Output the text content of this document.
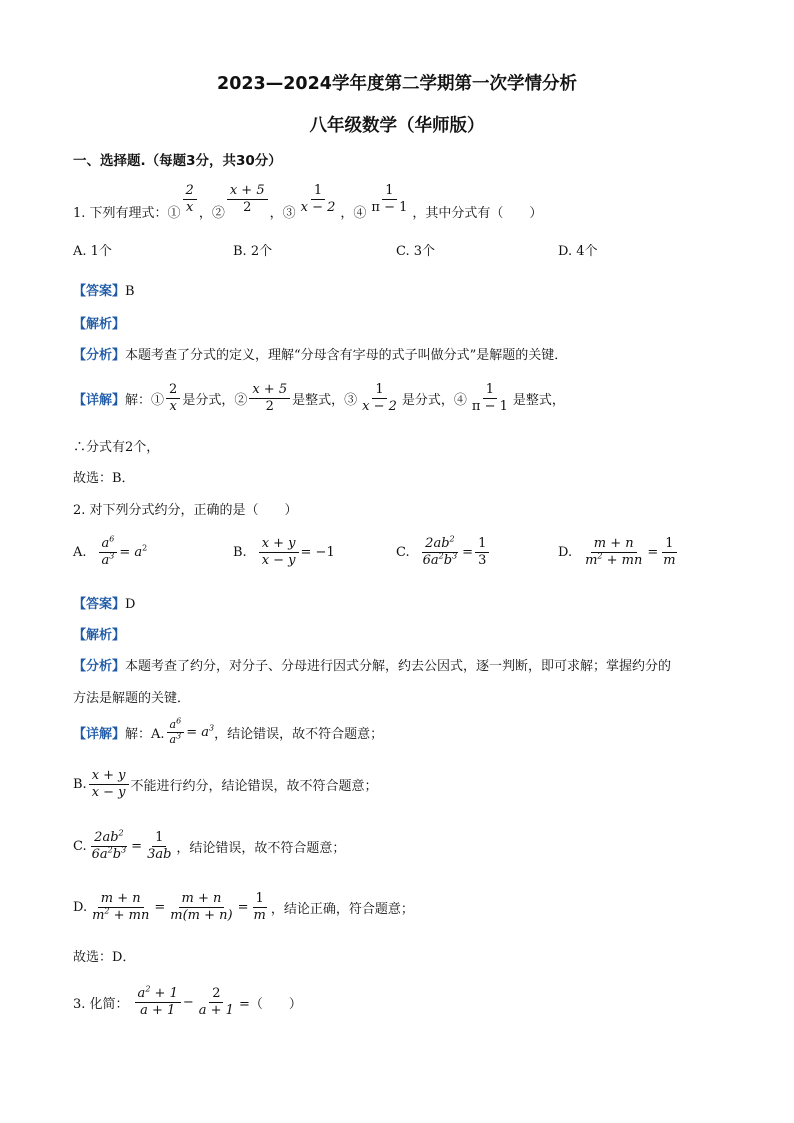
2023—2024学年度第二学期第一次学情分析
八年级数学（华师版）
一、选择题.（每题3分，共30分）
1. 下列有理式：① $\frac{2}{x}$ ，② $\frac{x + 5}{2}$ ，③ $\frac{1}{x - 2}$ ，④ $\frac{1}{\pi - 1}$ ，其中分式有（　　）
A. 1个	B. 2个	C. 3个	D. 4个
【答案】B
【解析】
【分析】本题考查了分式的定义，理解“分母含有字母的式子叫做分式”是解题的关键．
【详解】 解：① $\frac{2}{x}$ 是分式，② $\frac{x + 5}{2}$ 是整式，③ $\frac{1}{x - 2}$ 是分式，④ $\frac{1}{\pi - 1}$ 是整式，
∴分式有2个，
故选：B．
2. 对下列分式约分，正确的是（　　）
A. $\frac{a^6}{a^3} = a^2$	B. $\frac{x + y}{x - y} = -1$	C. $\frac{2ab^2}{6a^2b^3} = \frac{1}{3}$	D. $\frac{m + n}{m^2 + mn} = \frac{1}{m}$
【答案】D
【解析】
【分析】本题考查了约分，对分子、分母进行因式分解，约去公因式，逐一判断，即可求解；掌握约分的
方法是解题的关键．
【详解】 解：A. $\frac{a^6}{a^3} = a^3$ ，结论错误，故不符合题意；
B. $\frac{x + y}{x - y}$ 不能进行约分，结论错误，故不符合题意；
C. $\frac{2ab^2}{6a^2b^3} = \frac{1}{3ab}$ ，结论错误，故不符合题意；
D. $\frac{m + n}{m^2 + mn} = \frac{m + n}{m(m + n)} = \frac{1}{m}$ ，结论正确，符合题意；
故选：D．
3. 化简： $\frac{a^2 + 1}{a + 1} - \frac{2}{a + 1}$ =（　　）
